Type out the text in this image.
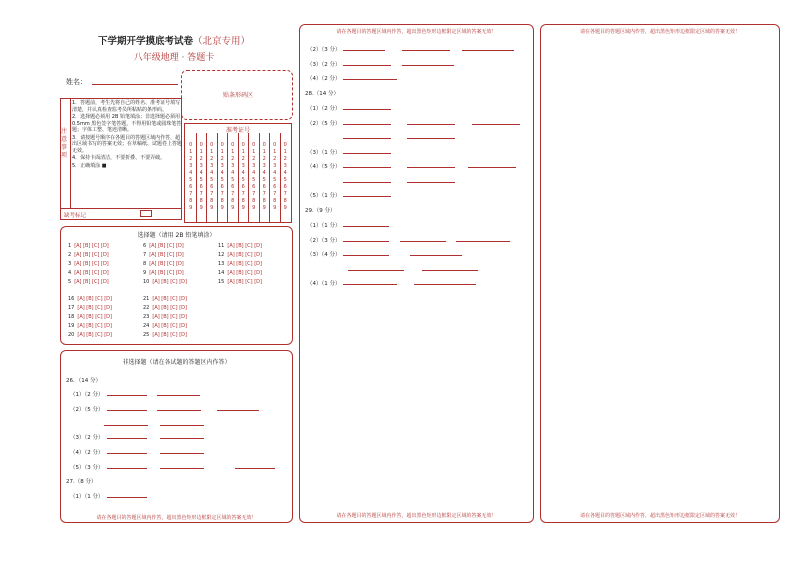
下学期开学摸底考试卷（北京专用）
八年级地理 · 答题卡
姓名：
贴条形码区
注意事项
1．答题前，考生先将自己的姓名、准考证号填写清楚，并认真检查监考员所粘贴的条形码。
2．选择题必须用 2B 铅笔填涂；非选择题必须用 0.5mm 黑色签字笔答题，不得用铅笔或圆珠笔答题；字体工整、笔迹清晰。
3．请按题号顺序在各题目的答题区域内作答，超出区域书写的答案无效；在草稿纸、试题卷上答题无效。
4．保持卡面清洁，不要折叠、不要弄破。
5．正确填涂 ■
缺考标记
准考证号
0
1
2
3
4
5
6
7
8
9
0
1
2
3
4
5
6
7
8
9
0
1
2
3
4
5
6
7
8
9
0
1
2
3
4
5
6
7
8
9
0
1
2
3
4
5
6
7
8
9
0
1
2
3
4
5
6
7
8
9
0
1
2
3
4
5
6
7
8
9
0
1
2
3
4
5
6
7
8
9
0
1
2
3
4
5
6
7
8
9
0
1
2
3
4
5
6
7
8
9
选择题（请用 2B 铅笔填涂）
1 [A] [B] [C] [D]
2 [A] [B] [C] [D]
3 [A] [B] [C] [D]
4 [A] [B] [C] [D]
5 [A] [B] [C] [D]
6 [A] [B] [C] [D]
7 [A] [B] [C] [D]
8 [A] [B] [C] [D]
9 [A] [B] [C] [D]
10 [A] [B] [C] [D]
11 [A] [B] [C] [D]
12 [A] [B] [C] [D]
13 [A] [B] [C] [D]
14 [A] [B] [C] [D]
15 [A] [B] [C] [D]
16 [A] [B] [C] [D]
17 [A] [B] [C] [D]
18 [A] [B] [C] [D]
19 [A] [B] [C] [D]
20 [A] [B] [C] [D]
21 [A] [B] [C] [D]
22 [A] [B] [C] [D]
23 [A] [B] [C] [D]
24 [A] [B] [C] [D]
25 [A] [B] [C] [D]
非选择题（请在各试题的答题区内作答）
26．（14 分）
（1）（2 分）
（2）（5 分）
（3）（2 分）
（4）（2 分）
（5）（3 分）
27.（8 分）
（1）（1 分）
请在各题目的答题区域内作答，超出黑色矩形边框限定区域的答案无效！
请在各题目的答题区域内作答，超出黑色矩形边框限定区域的答案无效！
（2）（3 分）
（3）（2 分）
（4）（2 分）
28.（14 分）
（1）（2 分）
（2）（5 分）
（3）（1 分）
（4）（5 分）
（5）（1 分）
29.（9 分）
（1）（1 分）
（2）（3 分）
（3）（4 分）
（4）（1 分）
请在各题目的答题区域内作答，超出黑色矩形边框限定区域的答案无效！
请在各题目的答题区域内作答，超出黑色矩形边框限定区域的答案无效！
请在各题目的答题区域内作答，超出黑色矩形边框限定区域的答案无效！
